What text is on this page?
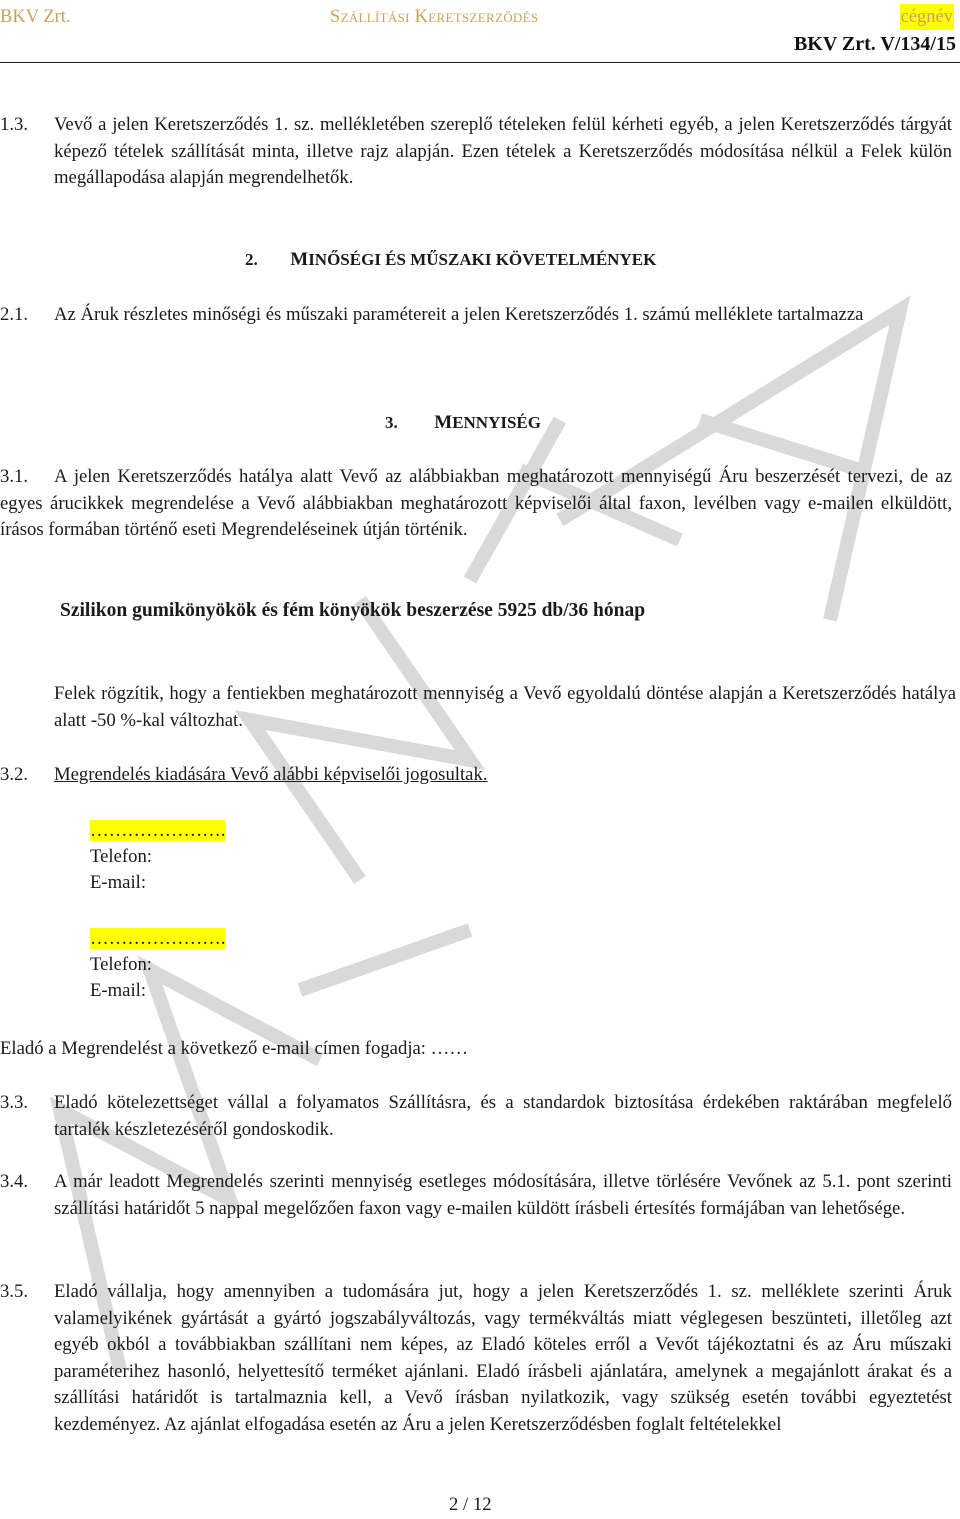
BKV Zrt.	Szállítási Keretszerződés	cégnév
BKV Zrt. V/134/15
1.3. Vevő a jelen Keretszerződés 1. sz. mellékletében szereplő tételeken felül kérheti egyéb, a jelen Keretszerződés tárgyát képező tételek szállítását minta, illetve rajz alapján. Ezen tételek a Keretszerződés módosítása nélkül a Felek külön megállapodása alapján megrendelhetők.
2. MINŐSÉGI ÉS MŰSZAKI KÖVETELMÉNYEK
2.1. Az Áruk részletes minőségi és műszaki paramétereit a jelen Keretszerződés 1. számú melléklete tartalmazza
3. MENNYISÉG
3.1.	A jelen Keretszerződés hatálya alatt Vevő az alábbiakban meghatározott mennyiségű Áru beszerzését tervezi, de az egyes árucikkek megrendelése a Vevő alábbiakban meghatározott képviselői által faxon, levélben vagy e-mailen elküldött, írásos formában történő eseti Megrendeléseinek útján történik.
Szilikon gumikönyökök és fém könyökök beszerzése 5925 db/36 hónap
Felek rögzítik, hogy a fentiekben meghatározott mennyiség a Vevő egyoldalú döntése alapján a Keretszerződés hatálya alatt -50 %-kal változhat.
3.2. Megrendelés kiadására Vevő alábbi képviselői jogosultak.
………………….
Telefon:
E-mail:
………………….
Telefon:
E-mail:
Eladó a Megrendelést a következő e-mail címen fogadja: ……
3.3. Eladó kötelezettséget vállal a folyamatos Szállításra, és a standardok biztosítása érdekében raktárában megfelelő tartalék készletezéséről gondoskodik.
3.4. A már leadott Megrendelés szerinti mennyiség esetleges módosítására, illetve törlésére Vevőnek az 5.1. pont szerinti szállítási határidőt 5 nappal megelőzően faxon vagy e-mailen küldött írásbeli értesítés formájában van lehetősége.
3.5. Eladó vállalja, hogy amennyiben a tudomására jut, hogy a jelen Keretszerződés 1. sz. melléklete szerinti Áruk valamelyikének gyártását a gyártó jogszabályváltozás, vagy termékváltás miatt véglegesen beszünteti, illetőleg azt egyéb okból a továbbiakban szállítani nem képes, az Eladó köteles erről a Vevőt tájékoztatni és az Áru műszaki paraméterihez hasonló, helyettesítő terméket ajánlani. Eladó írásbeli ajánlatára, amelynek a megajánlott árakat és a szállítási határidőt is tartalmaznia kell, a Vevő írásban nyilatkozik, vagy szükség esetén további egyeztetést kezdeményez. Az ajánlat elfogadása esetén az Áru a jelen Keretszerződésben foglalt feltételekkel
2 / 12
